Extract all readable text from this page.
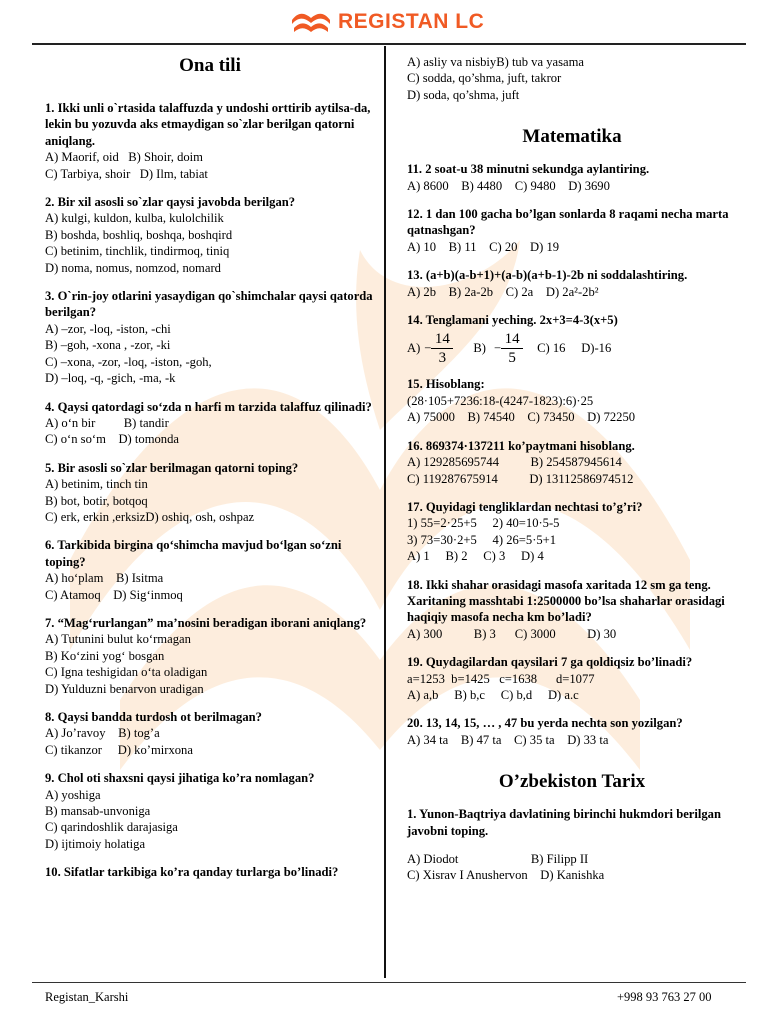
REGISTAN LC
Ona tili
1. Ikki unli o`rtasida talaffuzda y undoshi orttirib aytilsa-da, lekin bu yozuvda aks etmaydigan so`zlar berilgan qatorni aniqlang.
A) Maorif, oid   B) Shoir, doim
C) Tarbiya, shoir   D) Ilm, tabiat
2. Bir xil asosli so`zlar qaysi javobda berilgan?
A) kulgi, kuldon, kulba, kulolchilik
B) boshda, boshliq, boshqa, boshqird
C) betinim, tinchlik, tindirmoq, tiniq
D) noma, nomus, nomzod, nomard
3. O`rin-joy otlarini yasaydigan qo`shimchalar qaysi qatorda berilgan?
A) –zor, -loq, -iston, -chi
B) –goh, -xona , -zor, -ki
C) –xona, -zor, -loq, -iston, -goh,
D) –loq, -q, -gich, -ma, -k
4. Qaysi qatordagi so‘zda n harfi m tarzida talaffuz qilinadi?
A) o‘n bir         B) tandir
C) o‘n so‘m    D) tomonda
5. Bir asosli so`zlar berilmagan qatorni toping?
A) betinim, tinch tin
B) bot, botir, botqoq
C) erk, erkin ,erksizD) oshiq, osh, oshpaz
6. Tarkibida birgina qo‘shimcha mavjud bo‘lgan so‘zni toping?
A) ho‘plam    B) Isitma
C) Atamoq    D) Sig‘inmoq
7. “Mag‘rurlangan” ma’nosini beradigan iborani aniqlang?
A) Tutunini bulut ko‘rmagan
B) Ko‘zini yog‘ bosgan
C) Igna teshigidan o‘ta oladigan
D) Yulduzni benarvon uradigan
8. Qaysi bandda turdosh ot berilmagan?
A) Jo’ravoy    B) tog’a
C) tikanzor     D) ko’mirxona
9. Chol oti shaxsni qaysi jihatiga ko’ra nomlagan?
A) yoshiga
B) mansab-unvoniga
C) qarindoshlik darajasiga
D) ijtimoiy holatiga
10. Sifatlar tarkibiga ko’ra qanday turlarga bo’linadi?
A) asliy va nisbiyB) tub va yasama
C) sodda, qo’shma, juft, takror
D) soda, qo’shma, juft
Matematika
11. 2 soat-u 38 minutni sekundga aylantiring.
A) 8600    B) 4480    C) 9480    D) 3690
12. 1 dan 100 gacha bo’lgan sonlarda 8 raqami necha marta qatnashgan?
A) 10    B) 11    C) 20    D) 19
13. (a+b)(a-b+1)+(a-b)(a+b-1)-2b ni soddalashtiring.
A) 2b    B) 2a-2b    C) 2a    D) 2a²-2b²
14. Tenglamani yeching. 2x+3=4-3(x+5)
$A) - \frac{14}{3} B) - \frac{14}{5} C$) 16     D)-16
15. Hisoblang:
(28·105+7236:18-(4247-1823):6)·25
A) 75000    B) 74540    C) 73450    D) 72250
16. 869374·137211 ko’paytmani hisoblang.
A) 129285695744          B) 254587945614
C) 119287675914          D) 13112586974512
17. Quyidagi tengliklardan nechtasi to’g’ri?
1) 55=2·25+5     2) 40=10·5-5
3) 73=30·2+5     4) 26=5·5+1
A) 1     B) 2     C) 3     D) 4
18. Ikki shahar orasidagi masofa xaritada 12 sm ga teng. Xaritaning masshtabi 1:2500000 bo’lsa shaharlar orasidagi haqiqiy masofa necha km bo’ladi?
A) 300          B) 3      C) 3000          D) 30
19. Quydagilardan qaysilari 7 ga qoldiqsiz bo’linadi?
a=1253  b=1425   c=1638      d=1077
A) a,b     B) b,c     C) b,d     D) a.c
20. 13, 14, 15, … , 47 bu yerda nechta son yozilgan?
A) 34 ta    B) 47 ta    C) 35 ta    D) 33 ta
O’zbekiston Tarix
1. Yunon-Baqtriya davlatining birinchi hukmdori berilgan javobni toping.
A) Diodot                       B) Filipp II
C) Xisrav I Anushervon    D) Kanishka
Registan_Karshi	+998 93 763 27 00
